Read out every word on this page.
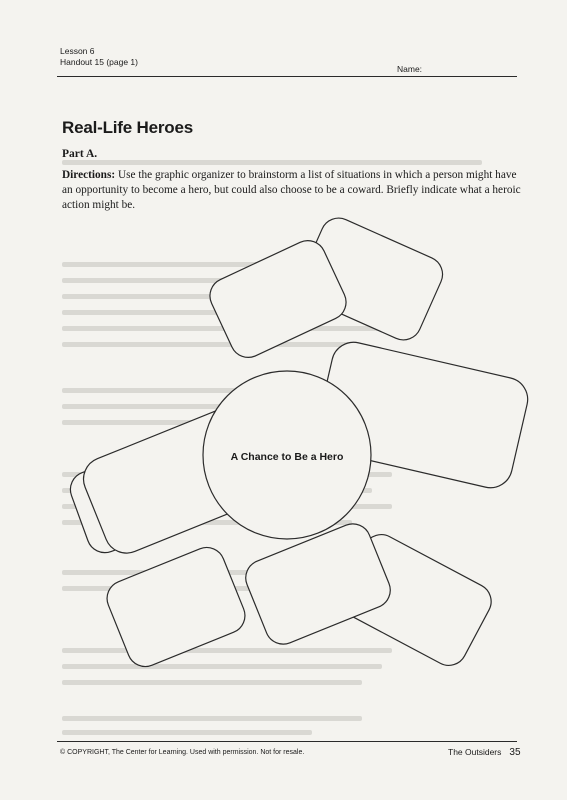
Lesson 6
Handout 15 (page 1)
Name:
Real-Life Heroes
Part A.
Directions: Use the graphic organizer to brainstorm a list of situations in which a person might have an opportunity to become a hero, but could also choose to be a coward. Briefly indicate what a heroic action might be.
A Chance to Be a Hero
© COPYRIGHT, The Center for Learning. Used with permission. Not for resale.	The Outsiders 35
